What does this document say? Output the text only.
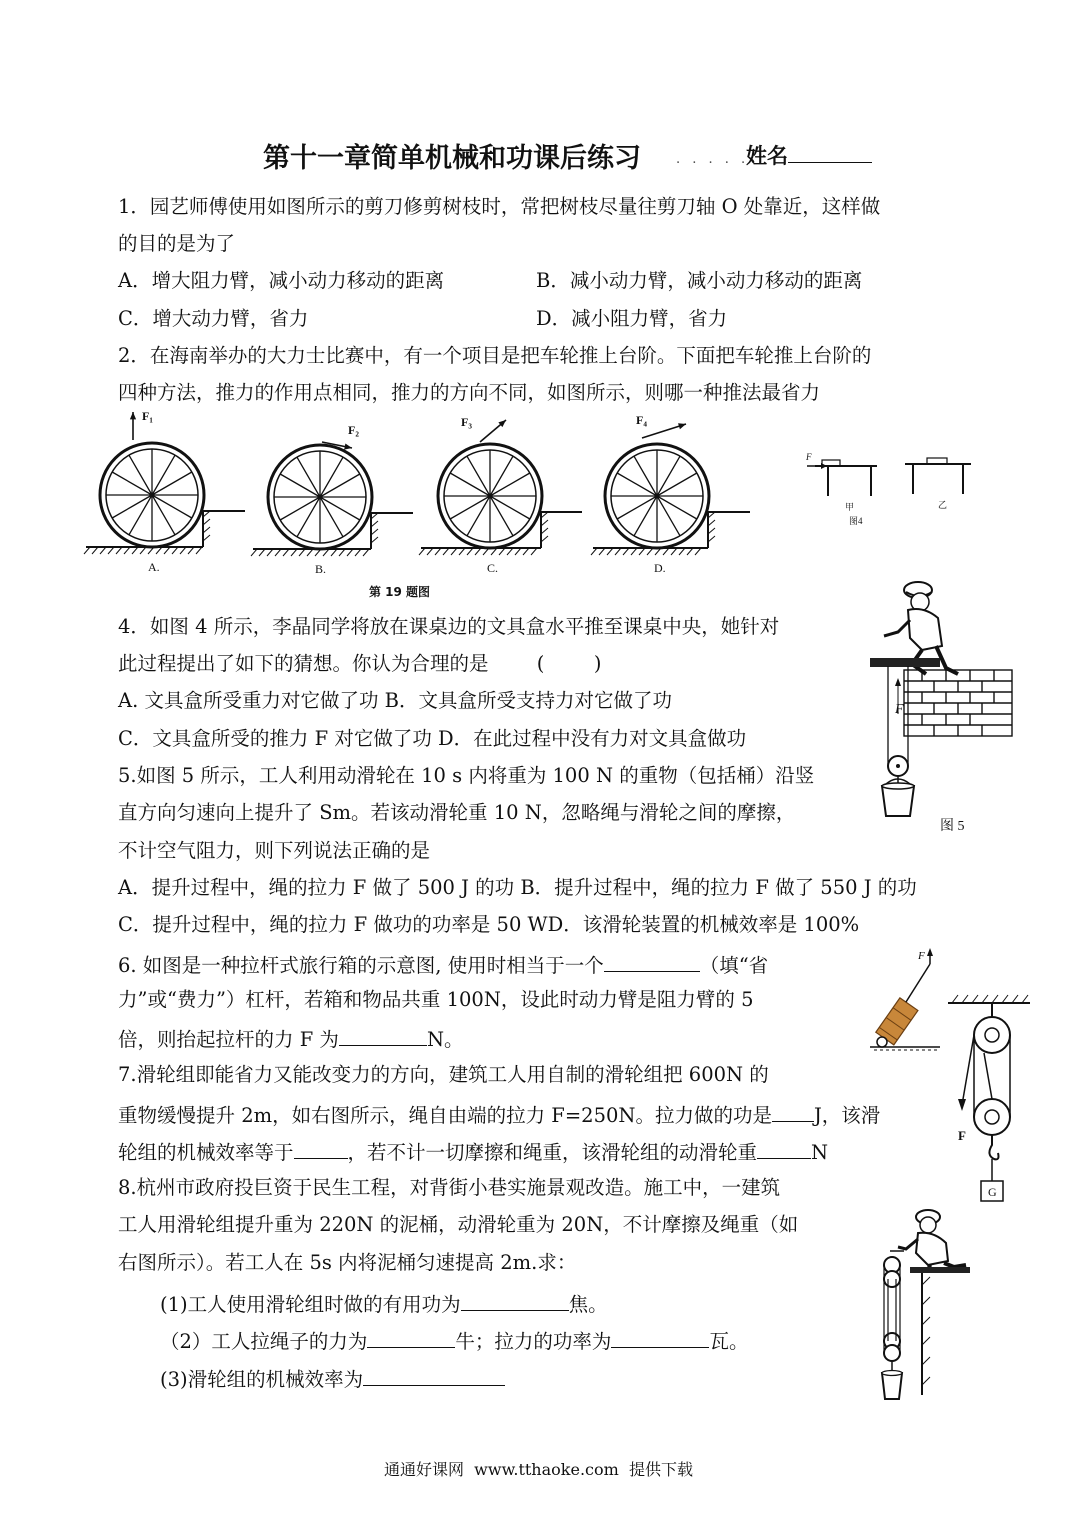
第十一章简单机械和功课后练习	. . . . .
姓名
1．园艺师傅使用如图所示的剪刀修剪树枝时，常把树枝尽量往剪刀轴 O 处靠近，这样做
的目的是为了
A．增大阻力臂，减小动力移动的距离	B．减小动力臂，减小动力移动的距离
C．增大动力臂，省力	D．减小阻力臂，省力
2．在海南举办的大力士比赛中，有一个项目是把车轮推上台阶。下面把车轮推上台阶的
四种方法，推力的作用点相同，推力的方向不同，如图所示，则哪一种推法最省力
F₁
A.
F₂
B.
F₃
C.
F₄
D.
第 19 题图
F
甲	乙
图4
4．如图 4 所示，李晶同学将放在课桌边的文具盒水平推至课桌中央，她针对
此过程提出了如下的猜想。你认为合理的是 (        )
A. 文具盒所受重力对它做了功 B．文具盒所受支持力对它做了功
C．文具盒所受的推力 F 对它做了功 D．在此过程中没有力对文具盒做功
F
图 5
5.如图 5 所示，工人利用动滑轮在 10 s 内将重为 100 N 的重物（包括桶）沿竖
直方向匀速向上提升了 Sm。若该动滑轮重 10 N，忽略绳与滑轮之间的摩擦，
不计空气阻力，则下列说法正确的是
A．提升过程中，绳的拉力 F 做了 500 J 的功 B．提升过程中，绳的拉力 F 做了 550 J 的功
C．提升过程中，绳的拉力 F 做功的功率是 50 WD．该滑轮装置的机械效率是 100%
6. 如图是一种拉杆式旅行箱的示意图, 使用时相当于一个	（填“省
力”或“费力”）杠杆，若箱和物品共重 100N，设此时动力臂是阻力臂的 5
倍，则抬起拉杆的力 F 为	N。
F
7.滑轮组即能省力又能改变力的方向，建筑工人用自制的滑轮组把 600N 的
重物缓慢提升 2m，如右图所示，绳自由端的拉力 F=250N。拉力做的功是 J，该滑
轮组的机械效率等于	，若不计一切摩擦和绳重，该滑轮组的动滑轮重	N
F
G
8.杭州市政府投巨资于民生工程，对背街小巷实施景观改造。施工中，一建筑
工人用滑轮组提升重为 220N 的泥桶，动滑轮重为 20N，不计摩擦及绳重（如
右图所示）。若工人在 5s 内将泥桶匀速提高 2m.求：
(1)工人使用滑轮组时做的有用功为	焦。
（2）工人拉绳子的力为	牛；拉力的功率为	瓦。
(3)滑轮组的机械效率为
通通好课网  www.tthaoke.com  提供下载
